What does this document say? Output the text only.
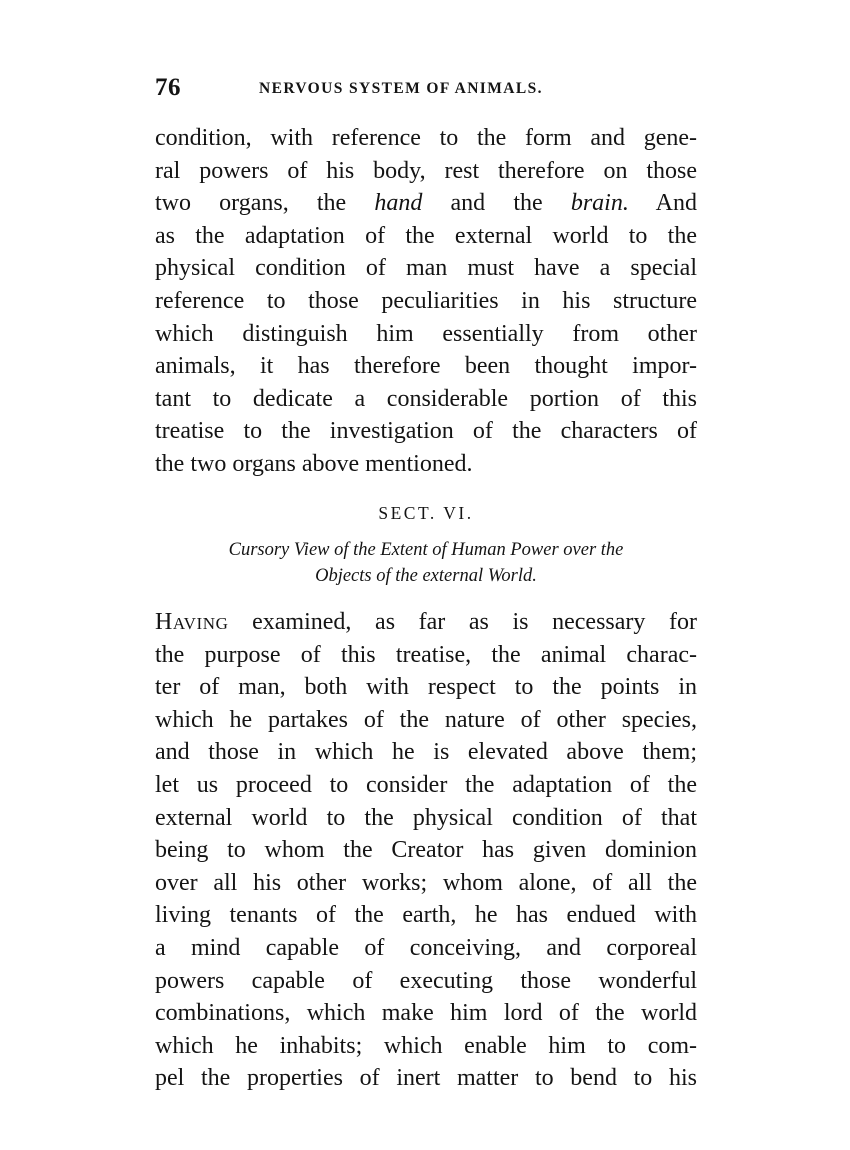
76	NERVOUS SYSTEM OF ANIMALS.
condition, with reference to the form and gene-
ral powers of his body, rest therefore on those
two organs, the hand and the brain. And
as the adaptation of the external world to the
physical condition of man must have a special
reference to those peculiarities in his structure
which distinguish him essentially from other
animals, it has therefore been thought impor-
tant to dedicate a considerable portion of this
treatise to the investigation of the characters of
the two organs above mentioned.
SECT. VI.
Cursory View of the Extent of Human Power over the
Objects of the external World.
Having examined, as far as is necessary for
the purpose of this treatise, the animal charac-
ter of man, both with respect to the points in
which he partakes of the nature of other species,
and those in which he is elevated above them;
let us proceed to consider the adaptation of the
external world to the physical condition of that
being to whom the Creator has given dominion
over all his other works; whom alone, of all the
living tenants of the earth, he has endued with
a mind capable of conceiving, and corporeal
powers capable of executing those wonderful
combinations, which make him lord of the world
which he inhabits; which enable him to com-
pel the properties of inert matter to bend to his
